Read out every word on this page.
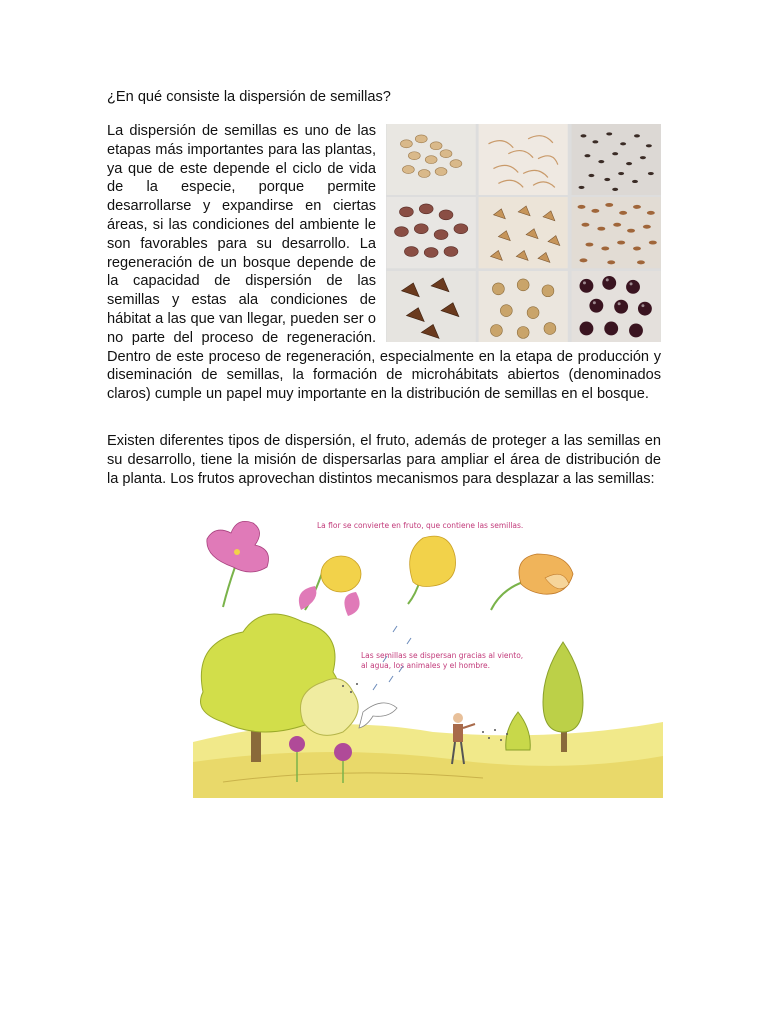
¿En qué consiste la dispersión de semillas?

La dispersión de semillas es uno de las etapas más importantes para las plantas, ya que de este depende el ciclo de vida de la especie, porque permite desarrollarse y expandirse en ciertas áreas, si las condiciones del ambiente le son favorables para su desarrollo. La regeneración de un bosque depende de la capacidad de dispersión de las semillas y estas ala condiciones de hábitat a las que van llegar, pueden ser o no parte del proceso de regeneración. Dentro de este proceso de regeneración, especialmente en la etapa de producción y diseminación de semillas, la formación de microhábitats abiertos (denominados claros) cumple un papel muy importante en la distribución de semillas en el bosque.

Existen diferentes tipos de dispersión, el fruto, además de proteger a las semillas en su desarrollo, tiene la misión de dispersarlas para ampliar el área de distribución de la planta. Los frutos aprovechan distintos mecanismos para desplazar a las semillas:

La flor se convierte en fruto, que contiene las semillas.
Las semillas se dispersan gracias al viento,
al agua, los animales y el hombre.
